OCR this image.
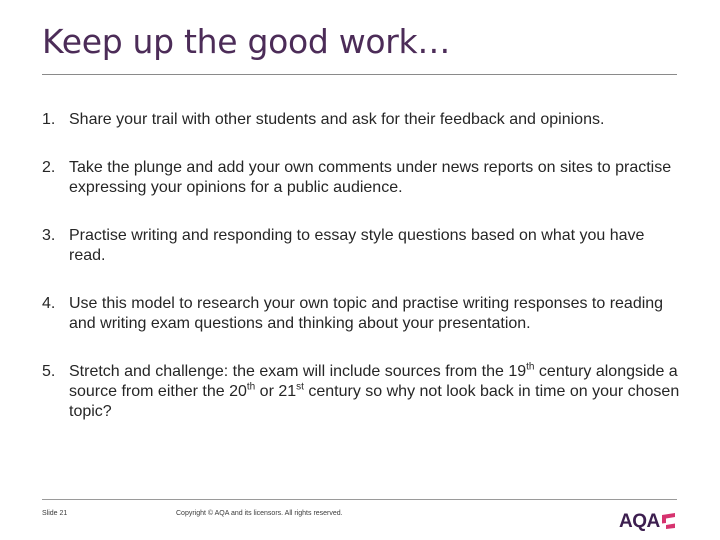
Keep up the good work…
1. Share your trail with other students and ask for their feedback and opinions.
2. Take the plunge and add your own comments under news reports on sites to practise expressing your opinions for a public audience.
3. Practise writing and responding to essay style questions based on what you have read.
4. Use this model to research your own topic and practise writing responses to reading and writing exam questions and thinking about your presentation.
5. Stretch and challenge: the exam will include sources from the 19th century alongside a source from either the 20th or 21st century so why not look back in time on your chosen topic?
Slide 21	Copyright © AQA and its licensors. All rights reserved.	AQA
